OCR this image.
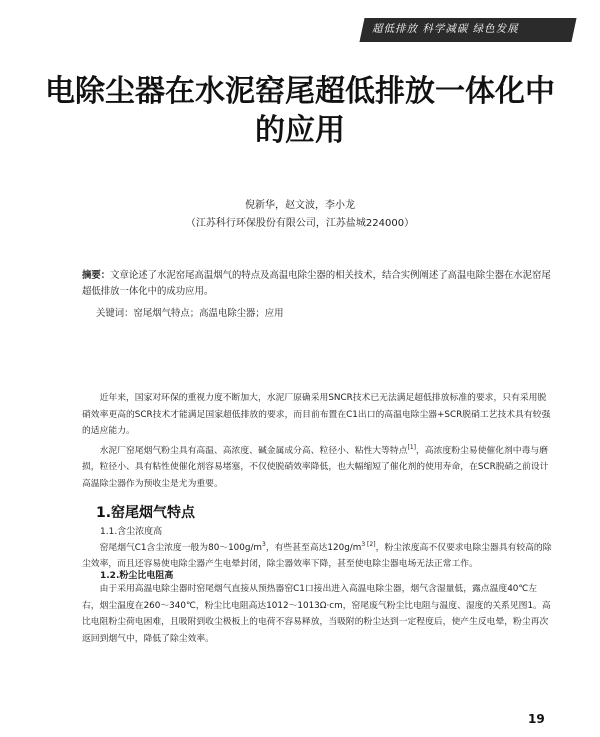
超低排放 科学减碳 绿色发展
电除尘器在水泥窑尾超低排放一体化中的应用
倪新华，赵文波，李小龙
（江苏科行环保股份有限公司，江苏盐城224000）
摘要：文章论述了水泥窑尾高温烟气的特点及高温电除尘器的相关技术，结合实例阐述了高温电除尘器在水泥窑尾超低排放一体化中的成功应用。
关键词：窑尾烟气特点；高温电除尘器；应用
近年来，国家对环保的重视力度不断加大，水泥厂原确采用SNCR技术已无法满足超低排放标准的要求，只有采用脱硝效率更高的SCR技术才能满足国家超低排放的要求，而目前布置在C1出口的高温电除尘器+SCR脱硝工艺技术具有较强的适应能力。
水泥厂窑尾烟气粉尘具有高温、高浓度、碱金属成分高、粒径小、粘性大等特点[1]，高浓度粉尘易使催化剂中毒与磨损，粒径小、具有粘性使催化剂容易堵塞，不仅使脱硝效率降低，也大幅缩短了催化剂的使用寿命，在SCR脱硝之前设计高温除尘器作为预收尘是尤为重要。
1.窑尾烟气特点
1.1.含尘浓度高
窑尾烟气C1含尘浓度一般为$80\sim 100g/m^3$，有些甚至高达$120g/m^{3 [2]}$，粉尘浓度高不仅要求电除尘器具有较高的除尘效率，而且还容易使电除尘器产生电晕封闭，除尘器效率下降，甚至使电除尘器电场无法正常工作。
1.2.粉尘比电阻高
由于采用高温电除尘器时窑尾烟气直接从预热器窑C1口接出进入高温电除尘器，烟气含湿量低，露点温度40℃左右，烟尘温度在260～340℃，粉尘比电阻高达1012～1013Ω·cm，窑尾废气粉尘比电阻与温度、湿度的关系见图1。高比电阻粉尘荷电困难，且吸附到收尘极板上的电荷不容易释放，当吸附的粉尘达到一定程度后，使产生反电晕，粉尘再次返回到烟气中，降低了除尘效率。
19
